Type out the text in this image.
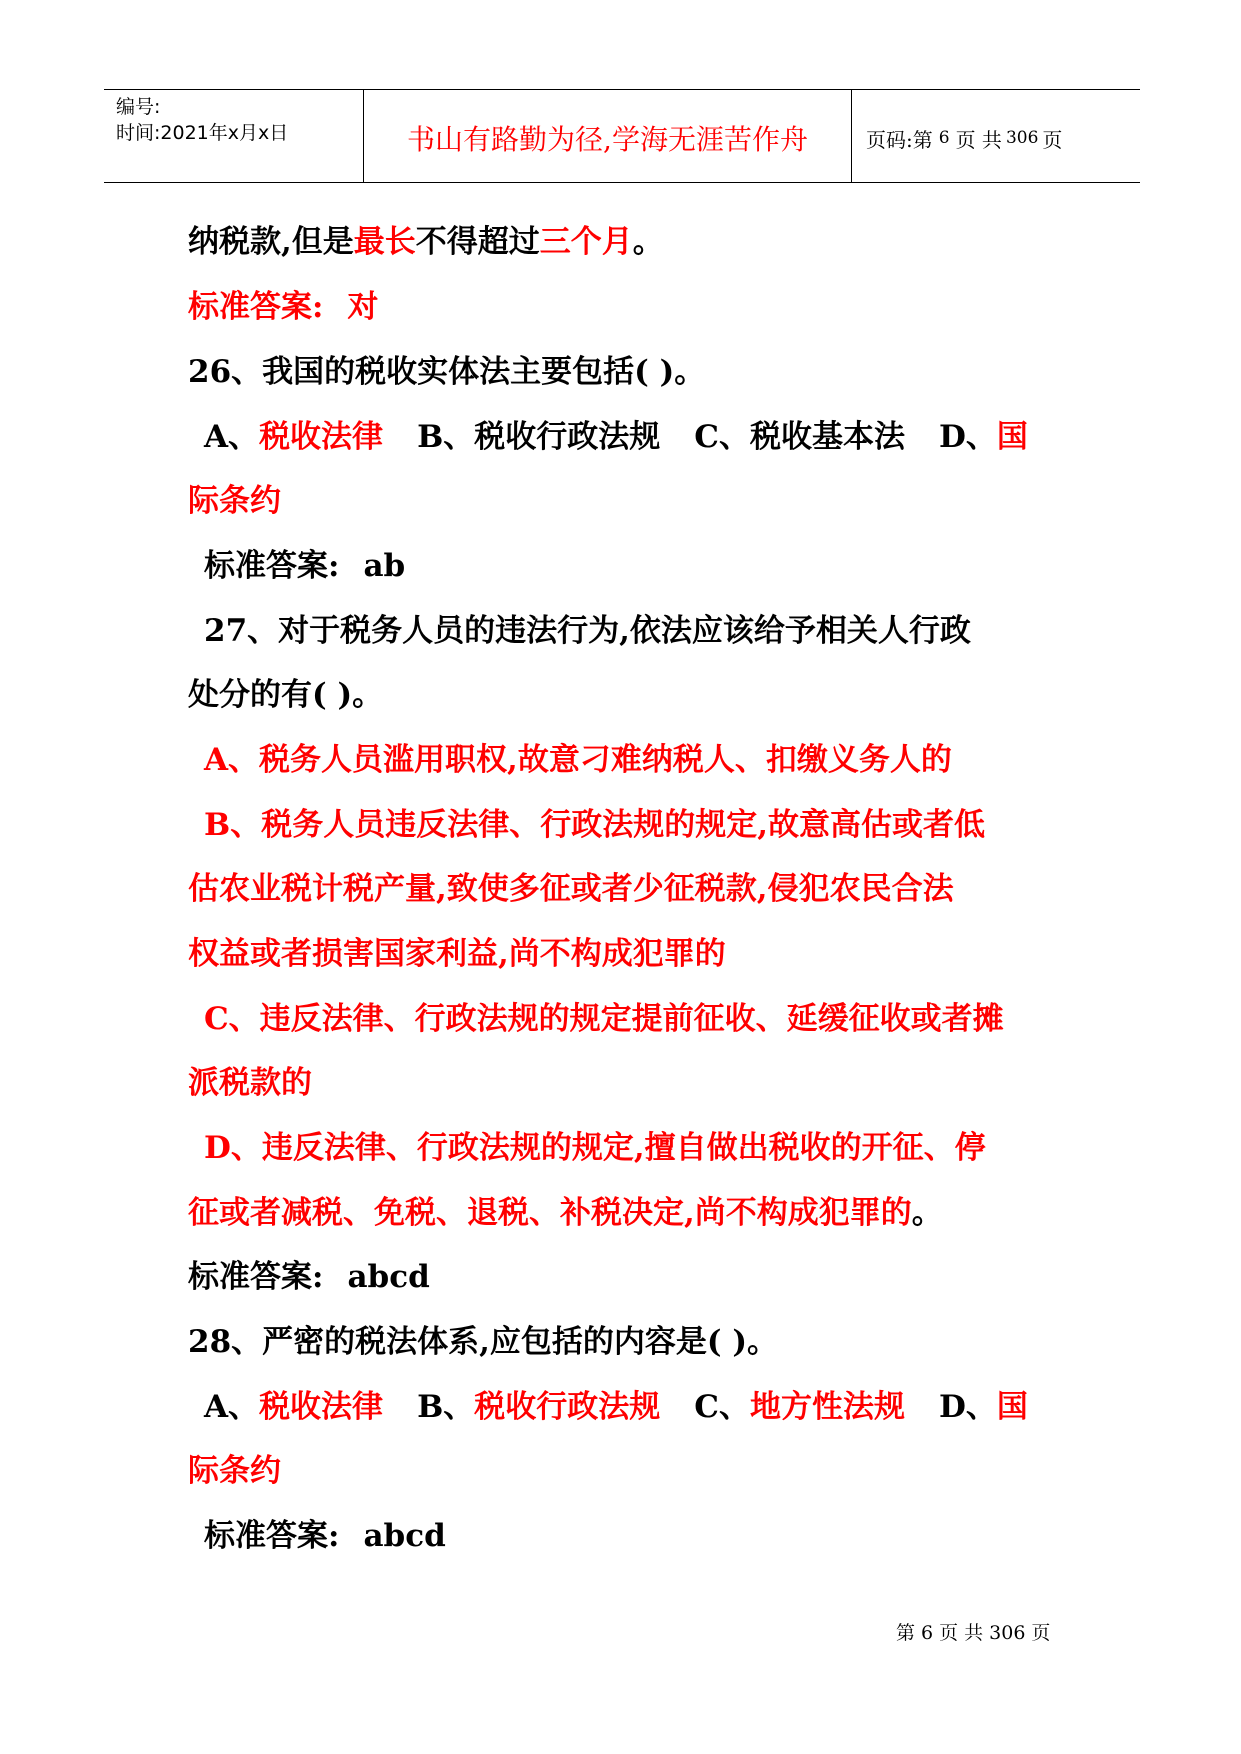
编号:
时间:2021年x月x日	书山有路勤为径,学海无涯苦作舟	页码:第 6 页 共 306 页
纳税款,但是最长不得超过三个月。
标准答案: 对
26、我国的税收实体法主要包括( )。
A、税收法律 B、税收行政法规 C、税收基本法 D、国
际条约
标准答案: ab
27、对于税务人员的违法行为,依法应该给予相关人行政
处分的有( )。
A、税务人员滥用职权,故意刁难纳税人、扣缴义务人的
B、税务人员违反法律、行政法规的规定,故意高估或者低
估农业税计税产量,致使多征或者少征税款,侵犯农民合法
权益或者损害国家利益,尚不构成犯罪的
C、违反法律、行政法规的规定提前征收、延缓征收或者摊
派税款的
D、违反法律、行政法规的规定,擅自做出税收的开征、停
征或者减税、免税、退税、补税决定,尚不构成犯罪的。
标准答案: abcd
28、严密的税法体系,应包括的内容是( )。
A、税收法律 B、税收行政法规 C、地方性法规 D、国
际条约
标准答案: abcd
第 6 页 共 306 页
